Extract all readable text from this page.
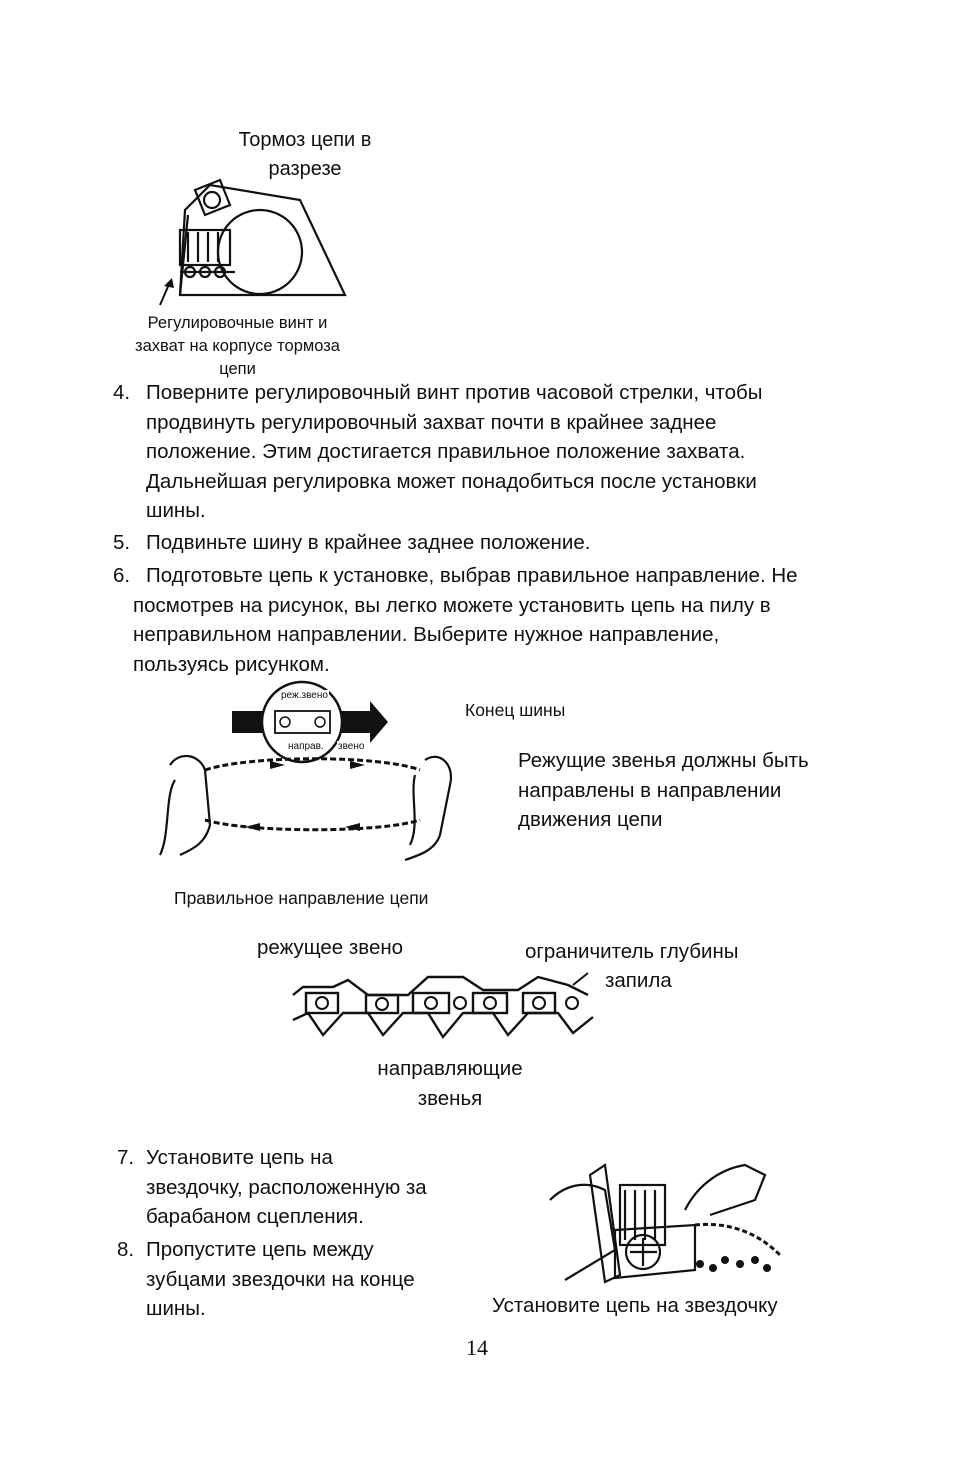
Тормоз цепи в
разрезе
Регулировочные винт и
захват на корпусе тормоза
цепи
4. Поверните регулировочный винт против часовой стрелки, чтобы
продвинуть регулировочный захват почти в крайнее заднее
положение. Этим достигается правильное положение захвата.
Дальнейшая регулировка может понадобиться после установки
шины.
5. Подвиньте шину в крайнее заднее положение.
6. Подготовьте цепь к установке, выбрав правильное направление. Не
посмотрев на рисунок, вы легко можете установить цепь на пилу в
неправильном направлении. Выберите нужное направление,
пользуясь рисунком.
реж.звено
направ. звено
Конец шины
Режущие звенья должны быть
направлены в направлении
движения цепи
Правильное направление цепи
режущее звено	ограничитель глубины
запила
направляющие
звенья
7. Установите цепь на
звездочку, расположенную за
барабаном сцепления.
8. Пропустите цепь между
зубцами звездочки на конце
шины.	Установите цепь на звездочку
14
